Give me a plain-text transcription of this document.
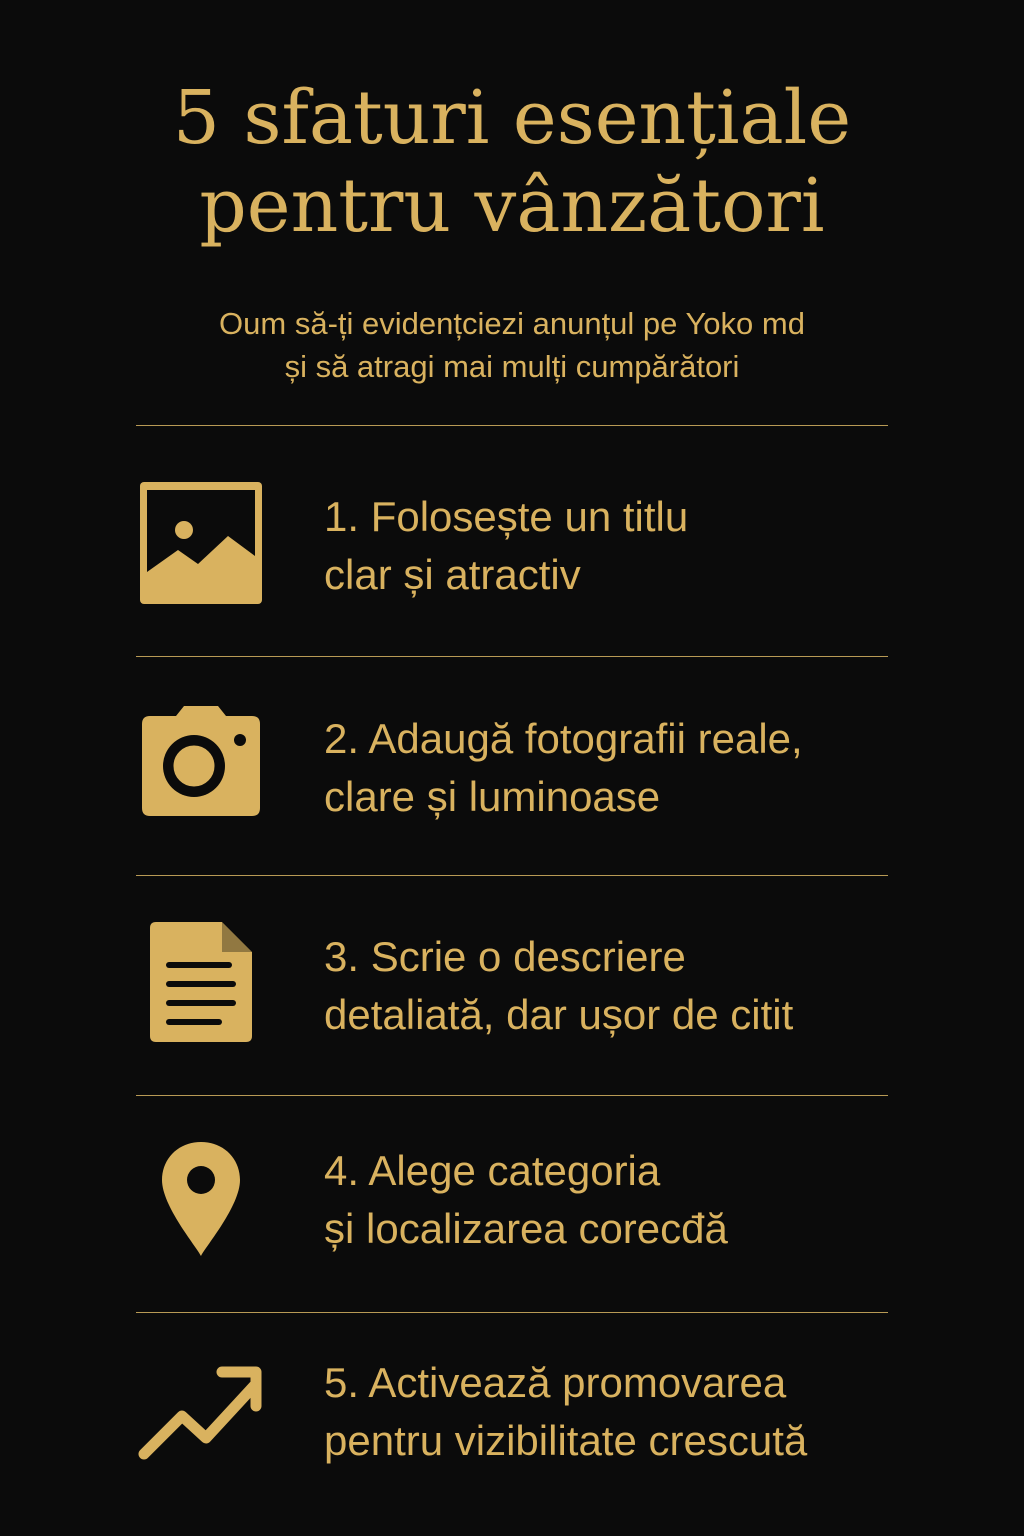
5 sfaturi esențiale
pentru vânzători
Oum să-ți evidențciezi anunțul pe Yoko md
și să atragi mai mulți cumpărători
1. Folosește un titlu
clar și atractiv
2. Adaugă fotografii reale,
clare și luminoase
3. Scrie o descriere
detaliată, dar ușor de citit
4. Alege categoria
și localizarea corecđă
5. Activează promovarea
pentru vizibilitate crescută
